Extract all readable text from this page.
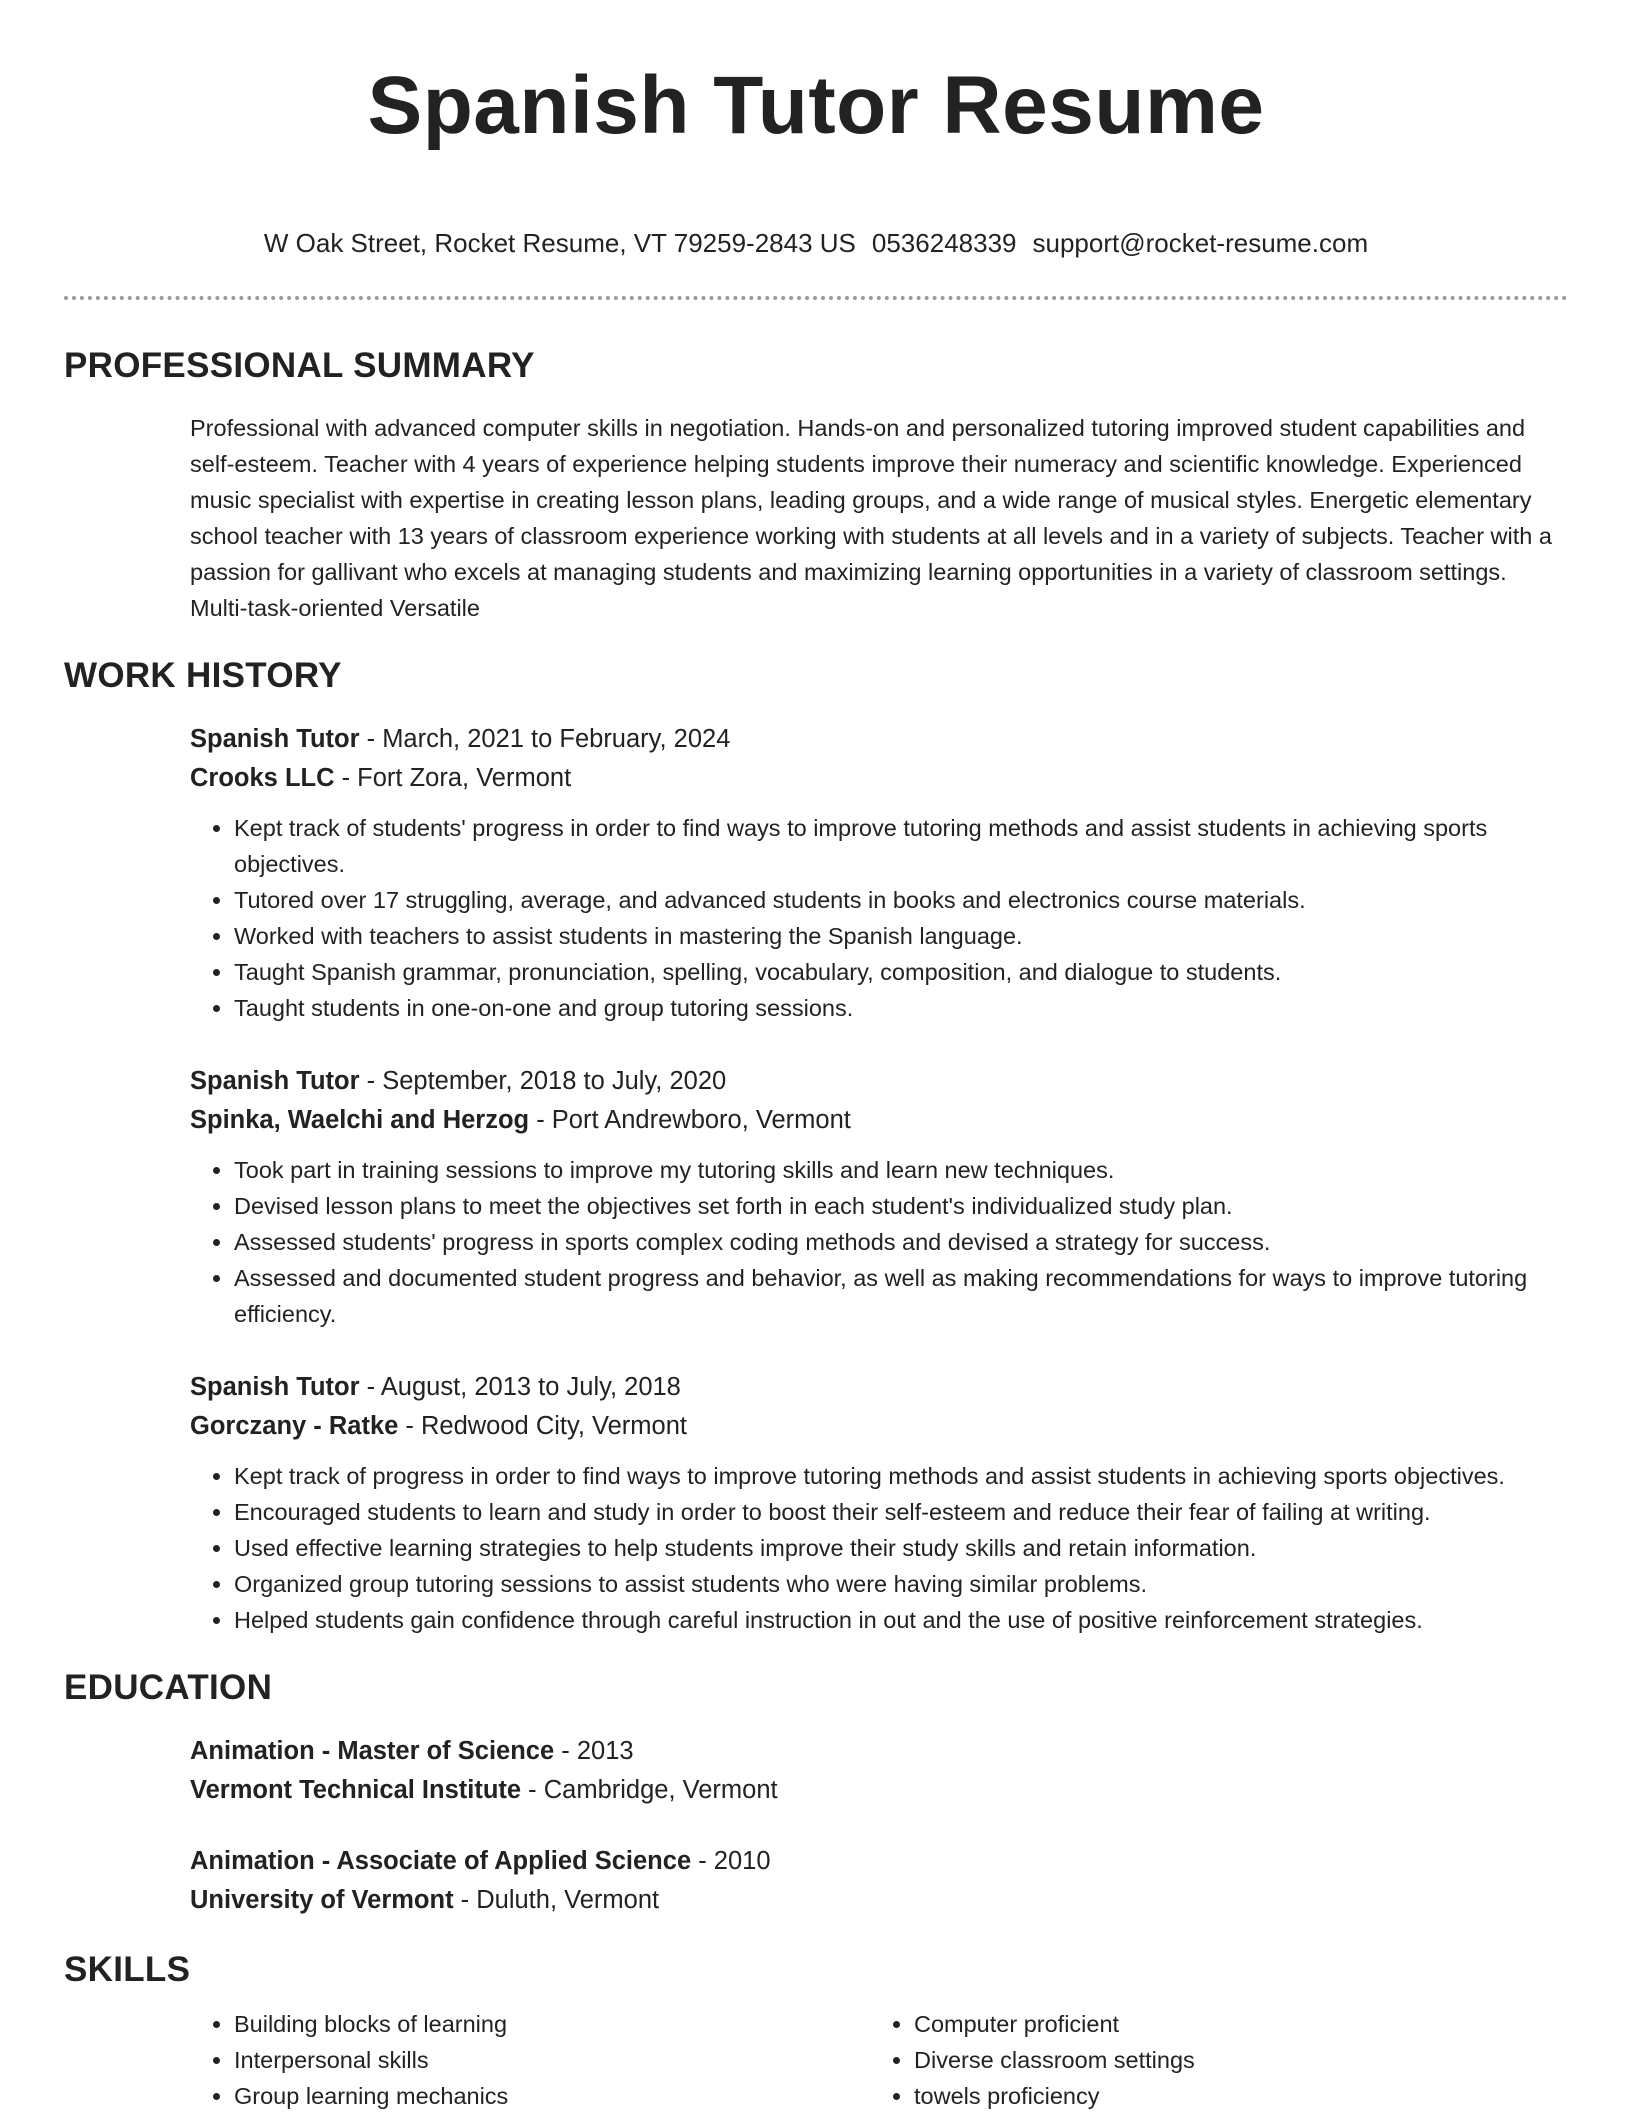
Spanish Tutor Resume
W Oak Street, Rocket Resume, VT 79259-2843 US 0536248339 support@rocket-resume.com
PROFESSIONAL SUMMARY

Professional with advanced computer skills in negotiation. Hands-on and personalized tutoring improved student capabilities and self-esteem. Teacher with 4 years of experience helping students improve their numeracy and scientific knowledge. Experienced music specialist with expertise in creating lesson plans, leading groups, and a wide range of musical styles. Energetic elementary school teacher with 13 years of classroom experience working with students at all levels and in a variety of subjects. Teacher with a passion for gallivant who excels at managing students and maximizing learning opportunities in a variety of classroom settings. Multi-task-oriented Versatile

WORK HISTORY
Spanish Tutor - March, 2021 to February, 2024
Crooks LLC - Fort Zora, Vermont
• Kept track of students' progress in order to find ways to improve tutoring methods and assist students in achieving sports objectives.
• Tutored over 17 struggling, average, and advanced students in books and electronics course materials.
• Worked with teachers to assist students in mastering the Spanish language.
• Taught Spanish grammar, pronunciation, spelling, vocabulary, composition, and dialogue to students.
• Taught students in one-on-one and group tutoring sessions.
Spanish Tutor - September, 2018 to July, 2020
Spinka, Waelchi and Herzog - Port Andrewboro, Vermont
• Took part in training sessions to improve my tutoring skills and learn new techniques.
• Devised lesson plans to meet the objectives set forth in each student's individualized study plan.
• Assessed students' progress in sports complex coding methods and devised a strategy for success.
• Assessed and documented student progress and behavior, as well as making recommendations for ways to improve tutoring efficiency.
Spanish Tutor - August, 2013 to July, 2018
Gorczany - Ratke - Redwood City, Vermont
• Kept track of progress in order to find ways to improve tutoring methods and assist students in achieving sports objectives.
• Encouraged students to learn and study in order to boost their self-esteem and reduce their fear of failing at writing.
• Used effective learning strategies to help students improve their study skills and retain information.
• Organized group tutoring sessions to assist students who were having similar problems.
• Helped students gain confidence through careful instruction in out and the use of positive reinforcement strategies.
EDUCATION
Animation - Master of Science - 2013
Vermont Technical Institute - Cambridge, Vermont
Animation - Associate of Applied Science - 2010
University of Vermont - Duluth, Vermont
SKILLS
• Building blocks of learning
• Interpersonal skills
• Group learning mechanics
• Computer proficient
• Diverse classroom settings
• towels proficiency
